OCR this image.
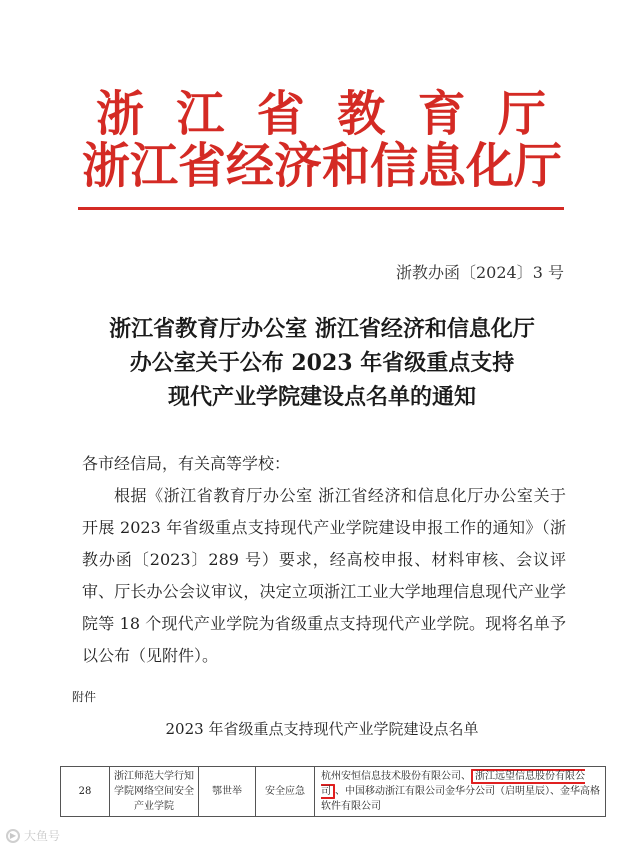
浙江省教育厅
浙江省经济和信息化厅
浙教办函〔2024〕3 号
浙江省教育厅办公室 浙江省经济和信息化厅
办公室关于公布 2023 年省级重点支持
现代产业学院建设点名单的通知

各市经信局，有关高等学校：

根据《浙江省教育厅办公室 浙江省经济和信息化厅办公室关于开展 2023 年省级重点支持现代产业学院建设申报工作的通知》（浙教办函〔2023〕289 号）要求，经高校申报、材料审核、会议评审、厅长办公会议审议，决定立项浙江工业大学地理信息现代产业学院等 18 个现代产业学院为省级重点支持现代产业学院。现将名单予以公布（见附件）。

附件
2023 年省级重点支持现代产业学院建设点名单
28	浙江师范大学行知学院网络空间安全产业学院	鄂世举	安全应急	杭州安恒信息技术股份有限公司、 浙江远望信息股份有限公司 、中国移动浙江有限公司金华分公司（启明星辰）、金华高格软件有限公司
▶ 大鱼号
